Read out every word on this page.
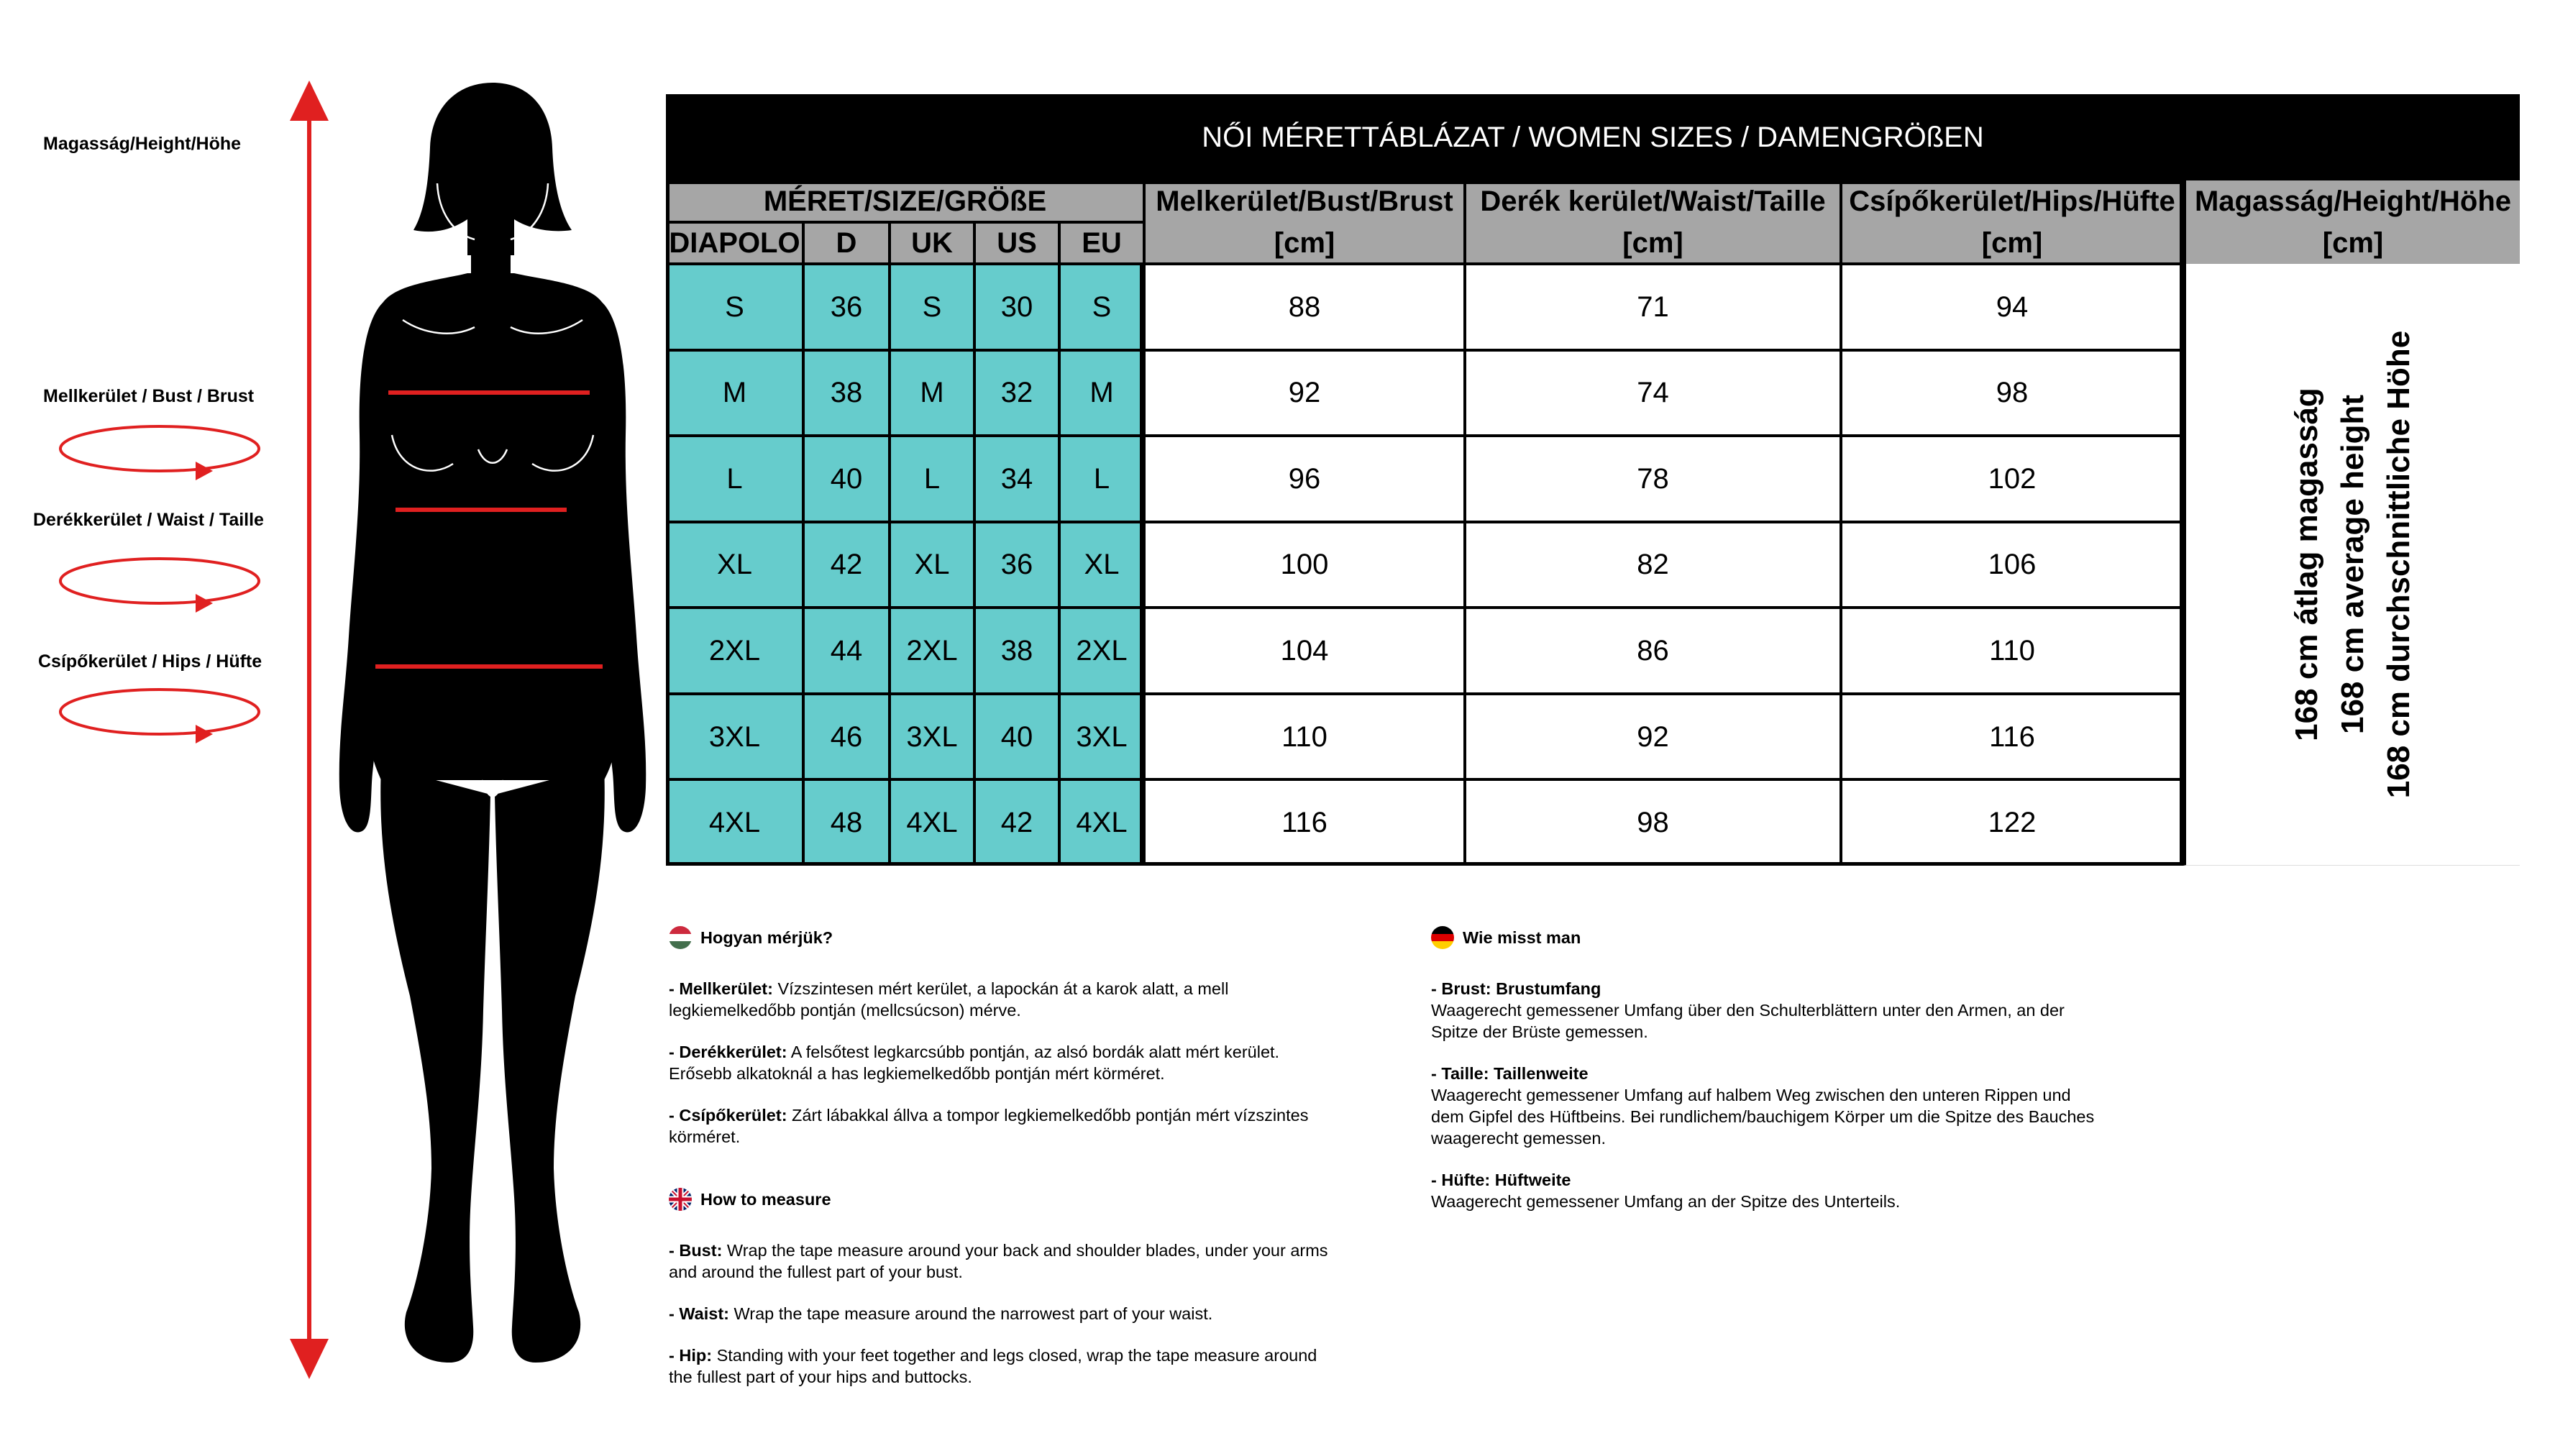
Magasság/Height/Höhe
Mellkerület / Bust / Brust
Derékkerület / Waist / Taille
Csípőkerület / Hips / Hüfte
NŐI MÉRETTÁBLÁZAT / WOMEN SIZES / DAMENGRÖßEN
MÉRET/SIZE/GRÖßE	Melkerület/Bust/Brust
[cm]
Derék kerület/Waist/Taille
[cm]
Csípőkerület/Hips/Hüfte
[cm]
Magasság/Height/Höhe
[cm]
DIAPOLO	D	UK	US	EU
S	36	S	30	S	88	71	94
M	38	M	32	M	92	74	98
L	40	L	34	L	96	78	102
XL	42	XL	36	XL	100	82	106
2XL	44	2XL	38	2XL	104	86	110
3XL	46	3XL	40	3XL	110	92	116
4XL	48	4XL	42	4XL	116	98	122
168 cm átlag magasság 168 cm average height 168 cm durchschnittliche Höhe
Hogyan mérjük?

- Mellkerület: Vízszintesen mért kerület, a lapockán át a karok alatt, a mell
legkiemelkedőbb pontján (mellcsúcson) mérve.

- Derékkerület: A felsőtest legkarcsúbb pontján, az alsó bordák alatt mért kerület.
Erősebb alkatoknál a has legkiemelkedőbb pontján mért körméret.

- Csípőkerület: Zárt lábakkal állva a tompor legkiemelkedőbb pontján mért vízszintes
körméret.

How to measure

- Bust: Wrap the tape measure around your back and shoulder blades, under your arms
and around the fullest part of your bust.

- Waist: Wrap the tape measure around the narrowest part of your waist.

- Hip: Standing with your feet together and legs closed, wrap the tape measure around
the fullest part of your hips and buttocks.

Wie misst man

- Brust: Brustumfang
Waagerecht gemessener Umfang über den Schulterblättern unter den Armen, an der
Spitze der Brüste gemessen.

- Taille: Taillenweite
Waagerecht gemessener Umfang auf halbem Weg zwischen den unteren Rippen und
dem Gipfel des Hüftbeins. Bei rundlichem/bauchigem Körper um die Spitze des Bauches
waagerecht gemessen.

- Hüfte: Hüftweite
Waagerecht gemessener Umfang an der Spitze des Unterteils.
